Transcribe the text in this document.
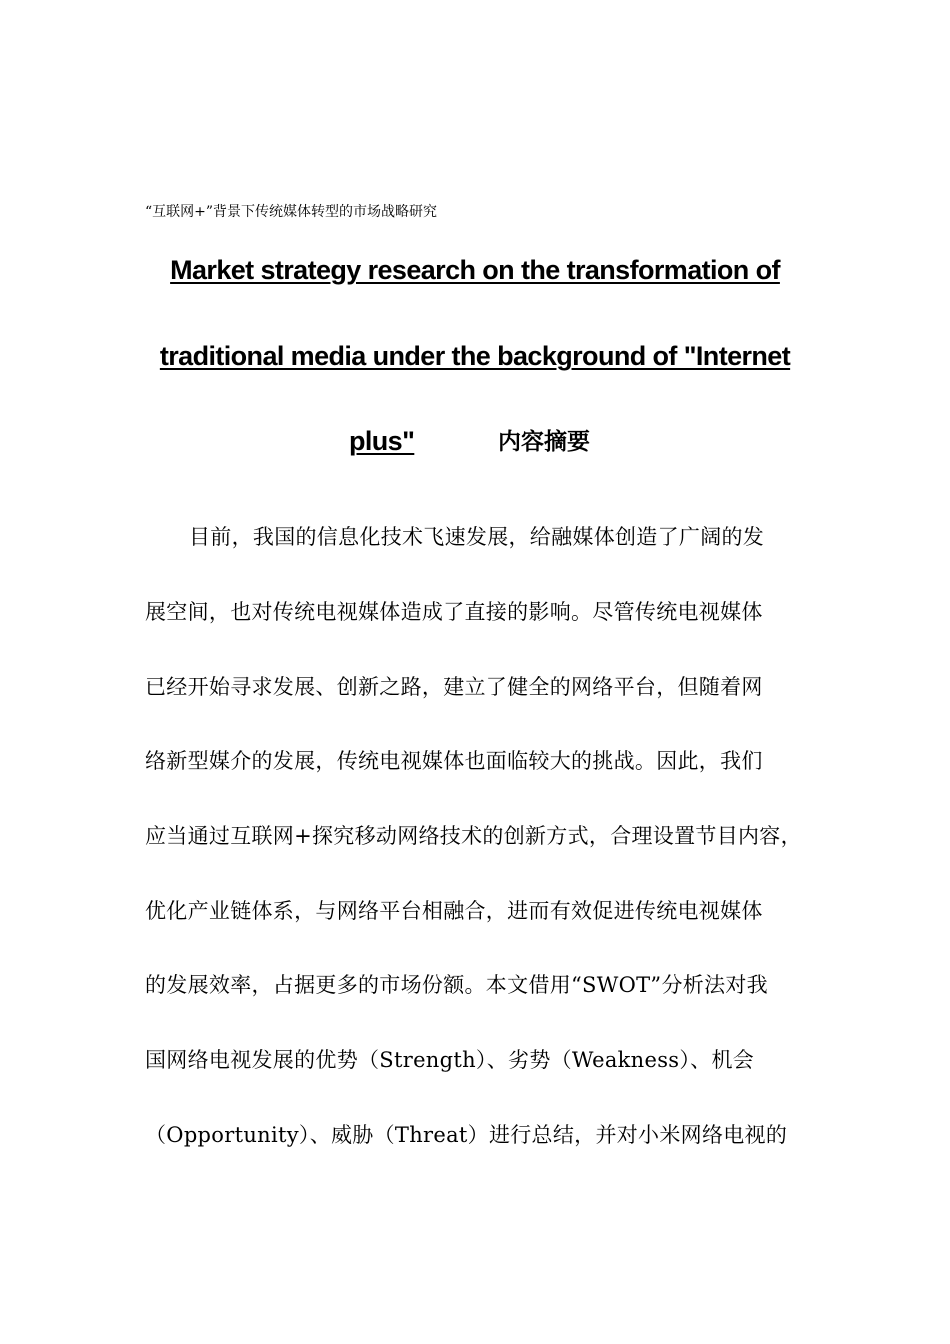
“互联网+”背景下传统媒体转型的市场战略研究
Market strategy research on the transformation of
traditional media under the background of "Internet
plus"	内容摘要
目前，我国的信息化技术飞速发展，给融媒体创造了广阔的发
展空间，也对传统电视媒体造成了直接的影响。尽管传统电视媒体
已经开始寻求发展、创新之路，建立了健全的网络平台，但随着网
络新型媒介的发展，传统电视媒体也面临较大的挑战。因此，我们
应当通过互联网+探究移动网络技术的创新方式，合理设置节目内容，
优化产业链体系，与网络平台相融合，进而有效促进传统电视媒体
的发展效率，占据更多的市场份额。本文借用“SWOT”分析法对我
国网络电视发展的优势（Strength）、劣势（Weakness）、机会
（Opportunity）、威胁（Threat）进行总结，并对小米网络电视的
